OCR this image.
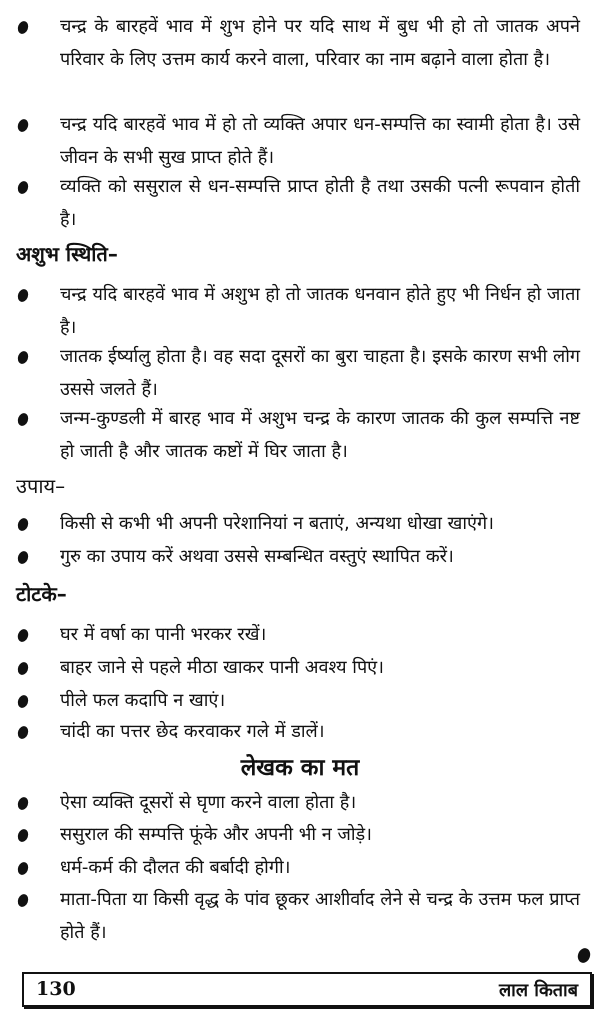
चन्द्र के बारहवें भाव में शुभ होने पर यदि साथ में बुध भी हो तो जातक अपने परिवार के लिए उत्तम कार्य करने वाला, परिवार का नाम बढ़ाने वाला होता है।
चन्द्र यदि बारहवें भाव में हो तो व्यक्ति अपार धन-सम्पत्ति का स्वामी होता है। उसे जीवन के सभी सुख प्राप्त होते हैं।
व्यक्ति को ससुराल से धन-सम्पत्ति प्राप्त होती है तथा उसकी पत्नी रूपवान होती है।
अशुभ स्थिति–
चन्द्र यदि बारहवें भाव में अशुभ हो तो जातक धनवान होते हुए भी निर्धन हो जाता है।
जातक ईर्ष्यालु होता है। वह सदा दूसरों का बुरा चाहता है। इसके कारण सभी लोग उससे जलते हैं।
जन्म-कुण्डली में बारह भाव में अशुभ चन्द्र के कारण जातक की कुल सम्पत्ति नष्ट हो जाती है और जातक कष्टों में घिर जाता है।
उपाय–
किसी से कभी भी अपनी परेशानियां न बताएं, अन्यथा धोखा खाएंगे।
गुरु का उपाय करें अथवा उससे सम्बन्धित वस्तुएं स्थापित करें।
टोटके–
घर में वर्षा का पानी भरकर रखें।
बाहर जाने से पहले मीठा खाकर पानी अवश्य पिएं।
पीले फल कदापि न खाएं।
चांदी का पत्तर छेद करवाकर गले में डालें।
लेखक का मत
ऐसा व्यक्ति दूसरों से घृणा करने वाला होता है।
ससुराल की सम्पत्ति फूंके और अपनी भी न जोड़े।
धर्म-कर्म की दौलत की बर्बादी होगी।
माता-पिता या किसी वृद्ध के पांव छूकर आशीर्वाद लेने से चन्द्र के उत्तम फल प्राप्त होते हैं।
130	लाल किताब
